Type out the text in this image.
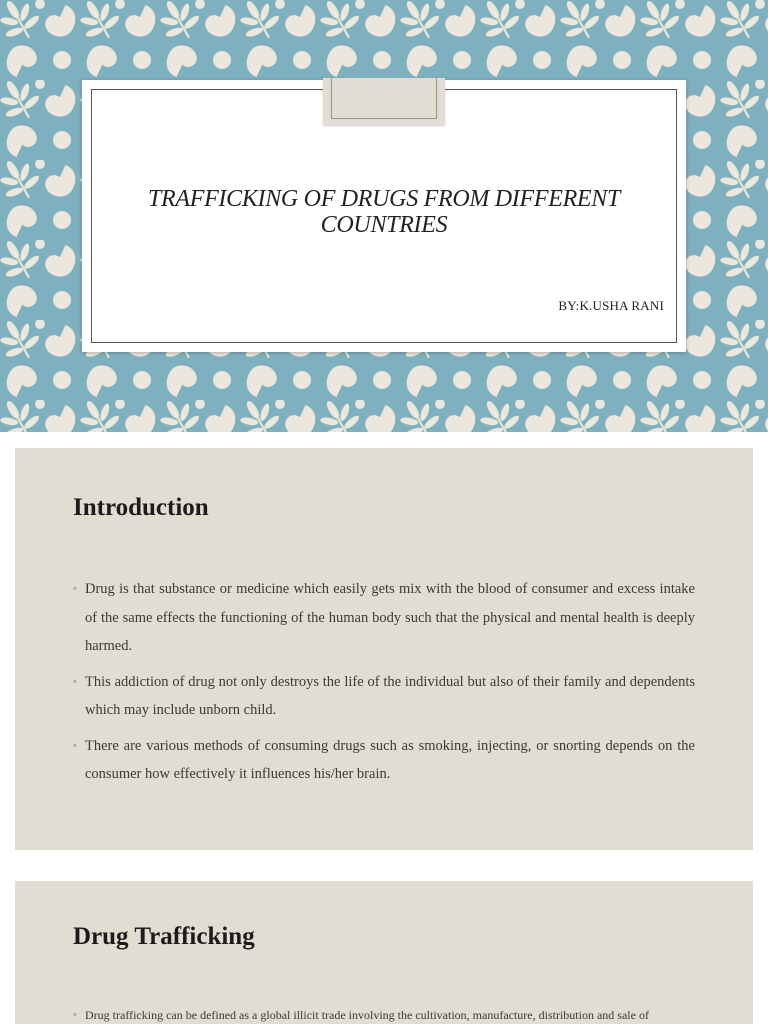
TRAFFICKING OF DRUGS FROM DIFFERENT COUNTRIES
BY:K.USHA RANI
Introduction
◦ Drug is that substance or medicine which easily gets mix with the blood of consumer and excess intake of the same effects the functioning of the human body such that the physical and mental health is deeply harmed.
◦ This addiction of drug not only destroys the life of the individual but also of their family and dependents which may include unborn child.
◦ There are various methods of consuming drugs such as smoking, injecting, or snorting depends on the consumer how effectively it influences his/her brain.
Drug Trafficking
◦ Drug trafficking can be defined as a global illicit trade involving the cultivation, manufacture, distribution and sale of
